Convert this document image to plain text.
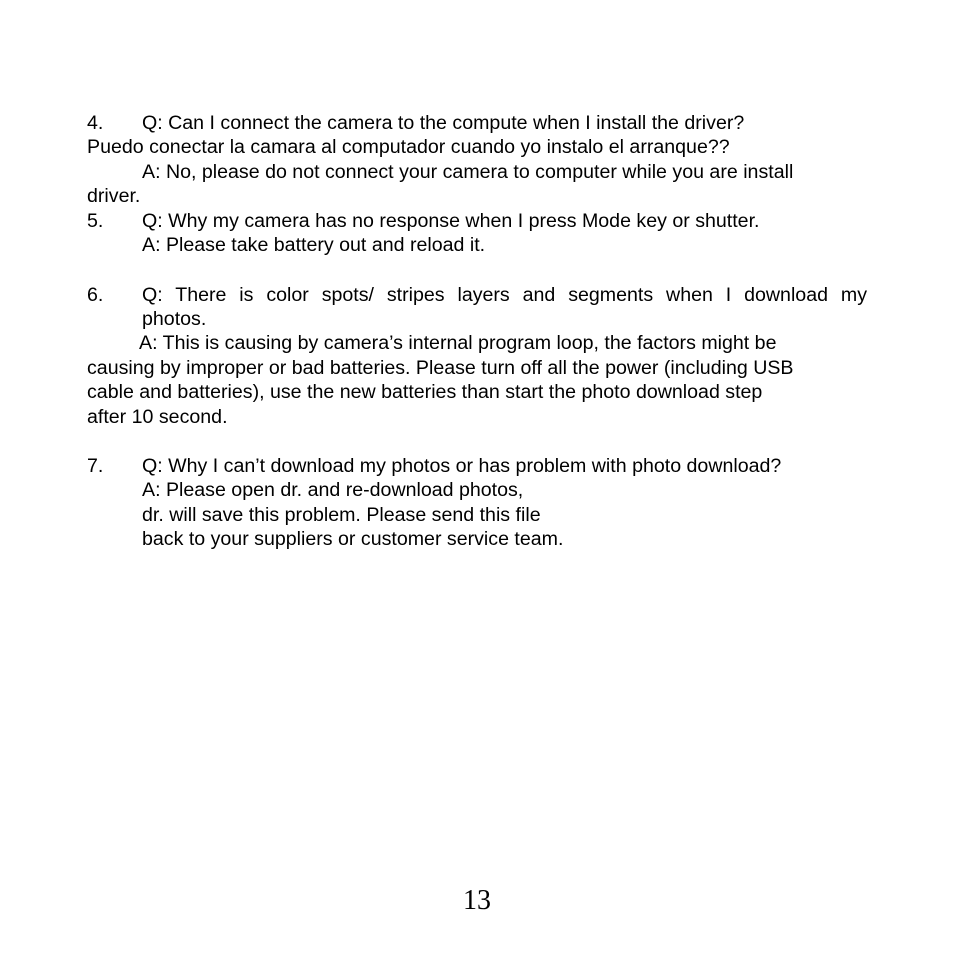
4. Q: Can I connect the camera to the compute when I install the driver?
Puedo conectar la camara al computador cuando yo instalo el arranque??
A: No, please do not connect your camera to computer while you are install
driver.
5. Q: Why my camera has no response when I press Mode key or shutter.
A: Please take battery out and reload it.
6. Q: There is color spots/ stripes layers and segments when I download my
photos.
A: This is causing by camera’s internal program loop, the factors might be
causing by improper or bad batteries. Please turn off all the power (including USB
cable and batteries), use the new batteries than start the photo download step
after 10 second.
7. Q: Why I can’t download my photos or has problem with photo download?
A: Please open dr. and re-download photos,
dr. will save this problem. Please send this file
back to your suppliers or customer service team.
13
